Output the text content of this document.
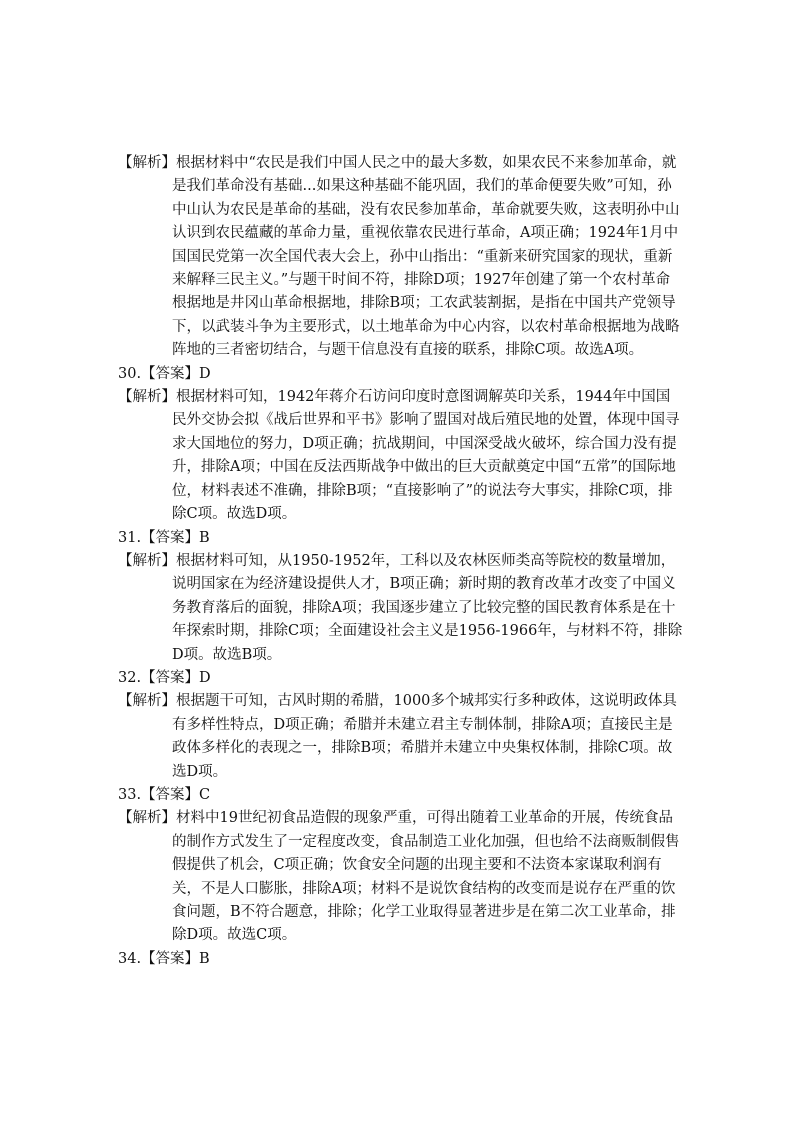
【解析】根据材料中“农民是我们中国人民之中的最大多数，如果农民不来参加革命，就是我们革命没有基础...如果这种基础不能巩固，我们的革命便要失败”可知，孙中山认为农民是革命的基础，没有农民参加革命，革命就要失败，这表明孙中山认识到农民蕴藏的革命力量，重视依靠农民进行革命，A项正确；1924年1月中国国民党第一次全国代表大会上，孙中山指出：“重新来研究国家的现状，重新来解释三民主义。”与题干时间不符，排除D项；1927年创建了第一个农村革命根据地是井冈山革命根据地，排除B项；工农武装割据，是指在中国共产党领导下，以武装斗争为主要形式，以土地革命为中心内容，以农村革命根据地为战略阵地的三者密切结合，与题干信息没有直接的联系，排除C项。故选A项。
30.【答案】D
【解析】根据材料可知，1942年蒋介石访问印度时意图调解英印关系，1944年中国国民外交协会拟《战后世界和平书》影响了盟国对战后殖民地的处置，体现中国寻求大国地位的努力，D项正确；抗战期间，中国深受战火破坏，综合国力没有提升，排除A项；中国在反法西斯战争中做出的巨大贡献奠定中国“五常”的国际地位，材料表述不准确，排除B项；“直接影响了”的说法夸大事实，排除C项，排除C项。故选D项。
31.【答案】B
【解析】根据材料可知，从1950-1952年，工科以及农林医师类高等院校的数量增加，说明国家在为经济建设提供人才，B项正确；新时期的教育改革才改变了中国义务教育落后的面貌，排除A项；我国逐步建立了比较完整的国民教育体系是在十年探索时期，排除C项；全面建设社会主义是1956-1966年，与材料不符，排除D项。故选B项。
32.【答案】D
【解析】根据题干可知，古风时期的希腊，1000多个城邦实行多种政体，这说明政体具有多样性特点，D项正确；希腊并未建立君主专制体制，排除A项；直接民主是政体多样化的表现之一，排除B项；希腊并未建立中央集权体制，排除C项。故选D项。
33.【答案】C
【解析】材料中19世纪初食品造假的现象严重，可得出随着工业革命的开展，传统食品的制作方式发生了一定程度改变，食品制造工业化加强，但也给不法商贩制假售假提供了机会，C项正确；饮食安全问题的出现主要和不法资本家谋取利润有关，不是人口膨胀，排除A项；材料不是说饮食结构的改变而是说存在严重的饮食问题，B不符合题意，排除；化学工业取得显著进步是在第二次工业革命，排除D项。故选C项。
34.【答案】B
